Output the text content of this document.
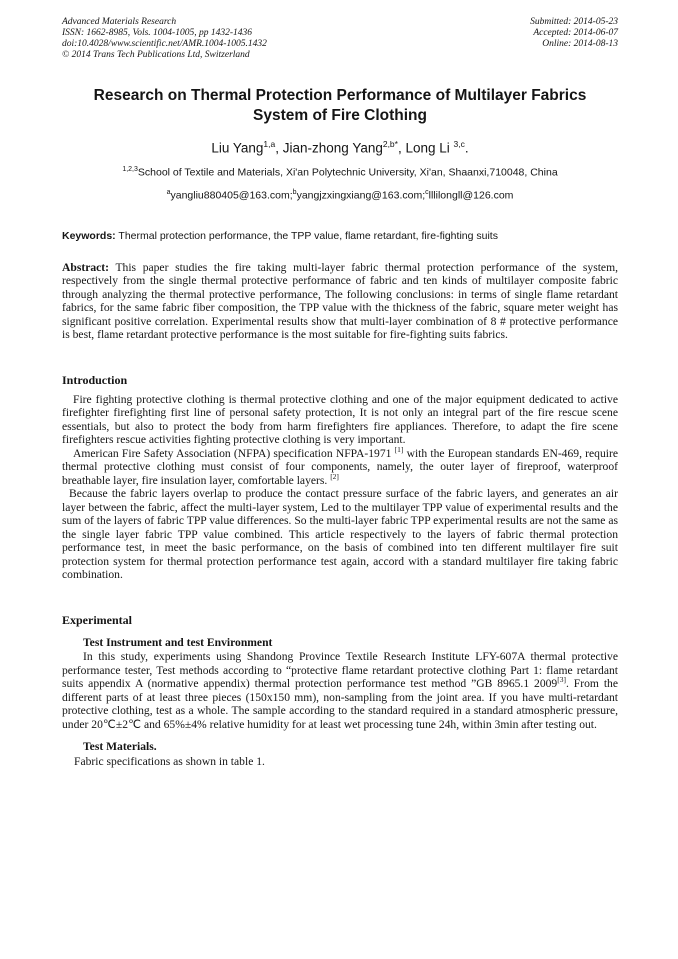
Advanced Materials Research
ISSN: 1662-8985, Vols. 1004-1005, pp 1432-1436
doi:10.4028/www.scientific.net/AMR.1004-1005.1432
© 2014 Trans Tech Publications Ltd, Switzerland
Submitted: 2014-05-23
Accepted: 2014-06-07
Online: 2014-08-13
Research on Thermal Protection Performance of Multilayer Fabrics
System of Fire Clothing
Liu Yang$^{1,a}$, Jian-zhong Yang$^{2,b*}$, Long Li $^{3,c}$.
$^{1,2,3}$School of Textile and Materials, Xi'an Polytechnic University, Xi'an, Shaanxi,710048, China
$^a$yangliu880405@163.com;$^b$yangjzxingxiang@163.com;$^c$lllilongll@126.com
Keywords: Thermal protection performance, the TPP value, flame retardant, fire-fighting suits
Abstract: This paper studies the fire taking multi-layer fabric thermal protection performance of the system, respectively from the single thermal protective performance of fabric and ten kinds of multilayer composite fabric through analyzing the thermal protective performance, The following conclusions: in terms of single flame retardant fabrics, for the same fabric fiber composition, the TPP value with the thickness of the fabric, square meter weight has significant positive correlation. Experimental results show that multi-layer combination of 8 # protective performance is best, flame retardant protective performance is the most suitable for fire-fighting suits fabrics.
Introduction

Fire fighting protective clothing is thermal protective clothing and one of the major equipment dedicated to active firefighter firefighting first line of personal safety protection, It is not only an integral part of the fire rescue scene essentials, but also to protect the body from harm firefighters fire appliances. Therefore, to adapt the fire scene firefighters rescue activities fighting protective clothing is very important.

American Fire Safety Association (NFPA) specification NFPA-1971 [1] with the European standards EN-469, require thermal protective clothing must consist of four components, namely, the outer layer of fireproof, waterproof breathable layer, fire insulation layer, comfortable layers. [2]

Because the fabric layers overlap to produce the contact pressure surface of the fabric layers, and generates an air layer between the fabric, affect the multi-layer system, Led to the multilayer TPP value of experimental results and the sum of the layers of fabric TPP value differences. So the multi-layer fabric TPP experimental results are not the same as the single layer fabric TPP value combined. This article respectively to the layers of fabric thermal protection performance test, in meet the basic performance, on the basis of combined into ten different multilayer fire suit protection system for thermal protection performance test again, accord with a standard multilayer fire taking fabric combination.

Experimental
Test Instrument and test Environment

In this study, experiments using Shandong Province Textile Research Institute LFY-607A thermal protective performance tester, Test methods according to “protective flame retardant protective clothing Part 1: flame retardant suits appendix A (normative appendix) thermal protection performance test method ”GB 8965.1 2009[3]. From the different parts of at least three pieces (150x150 mm), non-sampling from the joint area. If you have multi-retardant protective clothing, test as a whole. The sample according to the standard required in a standard atmospheric pressure, under 20℃±2℃ and 65%±4% relative humidity for at least wet processing tune 24h, within 3min after testing out.

Test Materials.

Fabric specifications as shown in table 1.
